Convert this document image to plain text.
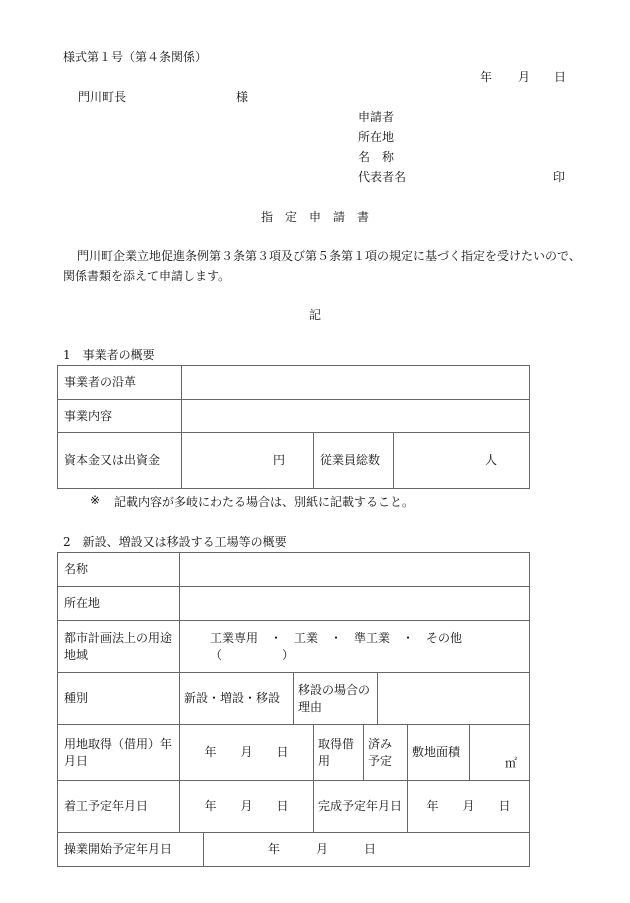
様式第１号（第４条関係）
年 月 日
門川町長	様
申請者
所在地
名　称
代表者名	印
指　定　申　請　書
門川町企業立地促進条例第３条第３項及び第５条第１項の規定に基づく指定を受けたいので、
関係書類を添えて申請します。
記
1　事業者の概要
事業者の沿革			
事業内容			
資本金又は出資金	円	従業員総数	人
※ 記載内容が多岐にわたる場合は、別紙に記載すること。
2　新設、増設又は移設する工場等の概要
名称	
所在地	
都市計画法上の用途地域	工業専用　・　工業　・　準工業　・　その他（　　　　　）
種別	新設・増設・移設	移設の場合の理由	
用地取得（借用）年月日	年　　月　　日	取得借用	済み予定	敷地面積	㎡
着工予定年月日	年　　月　　日	完成予定年月日	年　　月　　日
操業開始予定年月日	年　　　月　　　日
